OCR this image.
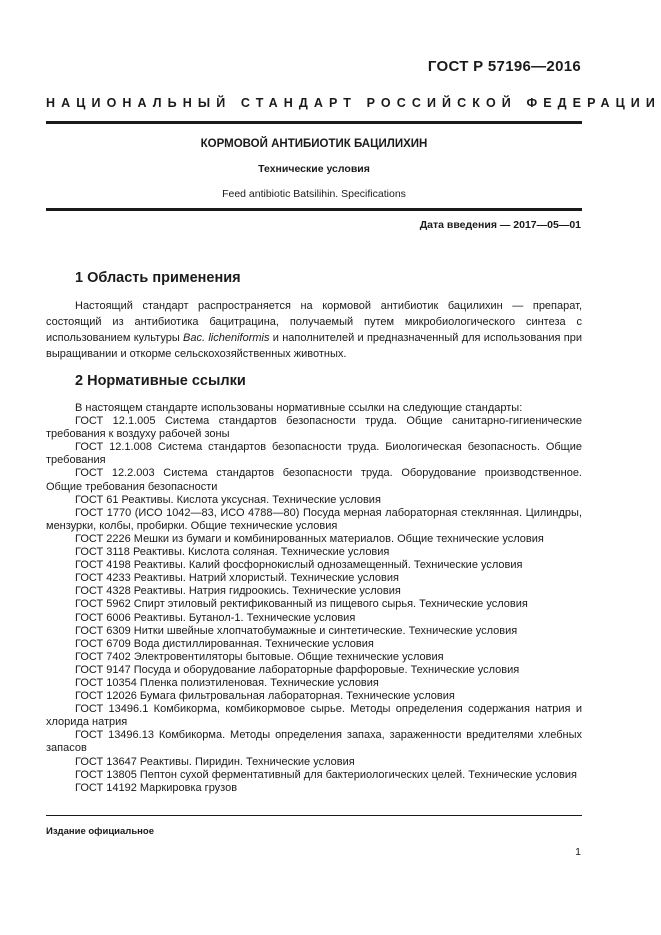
ГОСТ Р 57196—2016
НАЦИОНАЛЬНЫЙ СТАНДАРТ РОССИЙСКОЙ ФЕДЕРАЦИИ
КОРМОВОЙ АНТИБИОТИК БАЦИЛИХИН
Технические условия
Feed antibiotic Batsilihin. Specifications
Дата введения — 2017—05—01
1 Область применения

Настоящий стандарт распространяется на кормовой антибиотик бацилихин — препарат, состоящий из антибиотика бацитрацина, получаемый путем микробиологического синтеза с использованием культуры Bac. licheniformis и наполнителей и предназначенный для использования при выращивании и откорме сельскохозяйственных животных.

2 Нормативные ссылки
В настоящем стандарте использованы нормативные ссылки на следующие стандарты:
ГОСТ 12.1.005 Система стандартов безопасности труда. Общие санитарно-гигиенические требования к воздуху рабочей зоны
ГОСТ 12.1.008 Система стандартов безопасности труда. Биологическая безопасность. Общие требования
ГОСТ 12.2.003 Система стандартов безопасности труда. Оборудование производственное. Общие требования безопасности
ГОСТ 61 Реактивы. Кислота уксусная. Технические условия
ГОСТ 1770 (ИСО 1042—83, ИСО 4788—80) Посуда мерная лабораторная стеклянная. Цилиндры, мензурки, колбы, пробирки. Общие технические условия
ГОСТ 2226 Мешки из бумаги и комбинированных материалов. Общие технические условия
ГОСТ 3118 Реактивы. Кислота соляная. Технические условия
ГОСТ 4198 Реактивы. Калий фосфорнокислый однозамещенный. Технические условия
ГОСТ 4233 Реактивы. Натрий хлористый. Технические условия
ГОСТ 4328 Реактивы. Натрия гидроокись. Технические условия
ГОСТ 5962 Спирт этиловый ректификованный из пищевого сырья. Технические условия
ГОСТ 6006 Реактивы. Бутанол-1. Технические условия
ГОСТ 6309 Нитки швейные хлопчатобумажные и синтетические. Технические условия
ГОСТ 6709 Вода дистиллированная. Технические условия
ГОСТ 7402 Электровентиляторы бытовые. Общие технические условия
ГОСТ 9147 Посуда и оборудование лабораторные фарфоровые. Технические условия
ГОСТ 10354 Пленка полиэтиленовая. Технические условия
ГОСТ 12026 Бумага фильтровальная лабораторная. Технические условия
ГОСТ 13496.1 Комбикорма, комбикормовое сырье. Методы определения содержания натрия и хлорида натрия
ГОСТ 13496.13 Комбикорма. Методы определения запаха, зараженности вредителями хлебных запасов
ГОСТ 13647 Реактивы. Пиридин. Технические условия
ГОСТ 13805 Пептон сухой ферментативный для бактериологических целей. Технические условия
ГОСТ 14192 Маркировка грузов
Издание официальное
1
